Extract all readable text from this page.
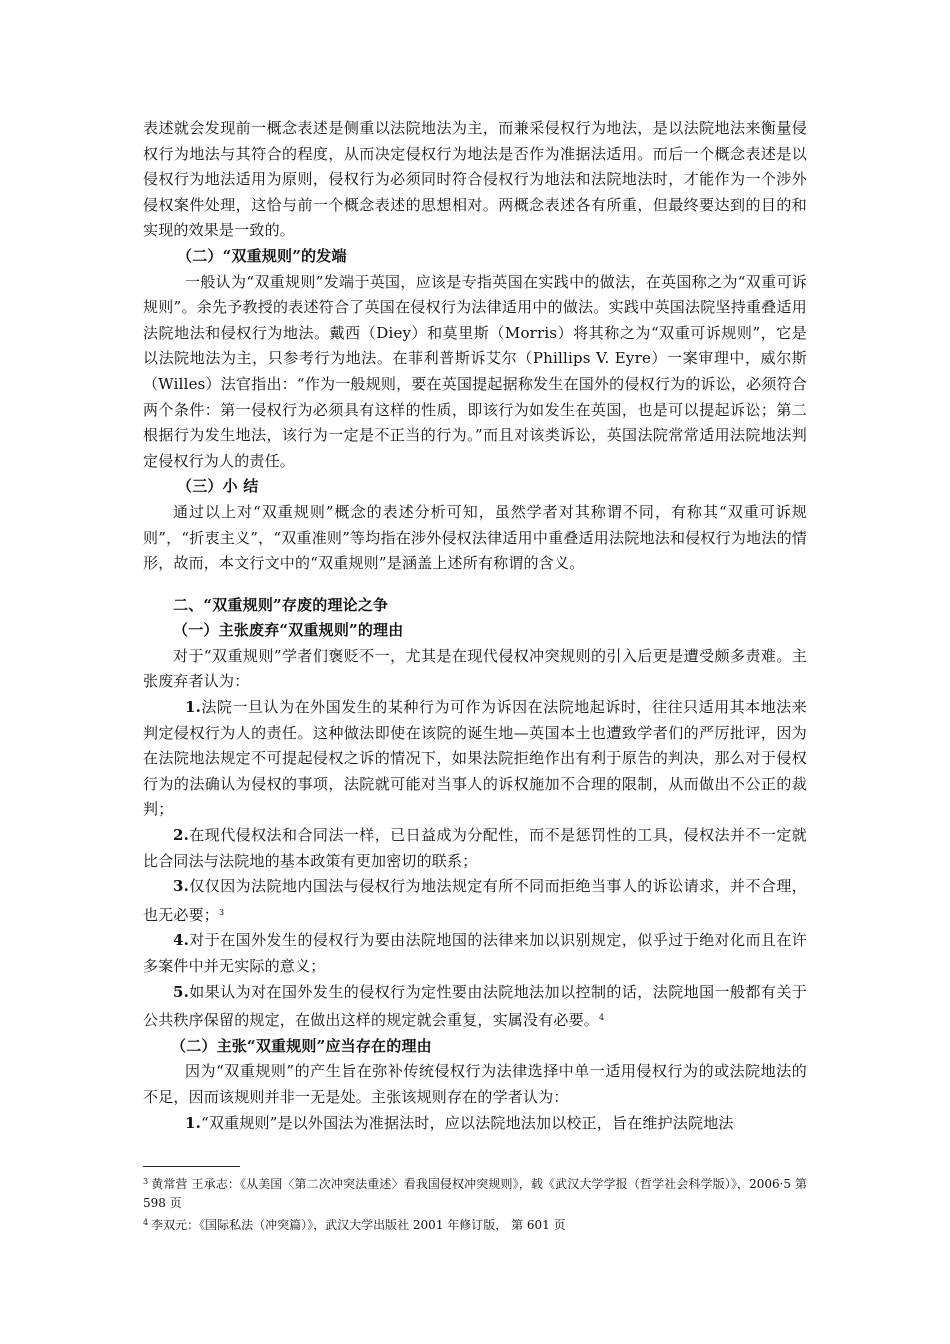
表述就会发现前一概念表述是侧重以法院地法为主，而兼采侵权行为地法，是以法院地法来衡量侵权行为地法与其符合的程度，从而决定侵权行为地法是否作为准据法适用。而后一个概念表述是以侵权行为地法适用为原则，侵权行为必须同时符合侵权行为地法和法院地法时，才能作为一个涉外侵权案件处理，这恰与前一个概念表述的思想相对。两概念表述各有所重，但最终要达到的目的和实现的效果是一致的。

（二）“双重规则”的发端

一般认为“双重规则”发端于英国，应该是专指英国在实践中的做法，在英国称之为“双重可诉规则”。余先予教授的表述符合了英国在侵权行为法律适用中的做法。实践中英国法院坚持重叠适用法院地法和侵权行为地法。戴西（Diey）和莫里斯（Morris）将其称之为“双重可诉规则”，它是以法院地法为主，只参考行为地法。在菲利普斯诉艾尔（Phillips V. Eyre）一案审理中，威尔斯（Willes）法官指出：“作为一般规则，要在英国提起据称发生在国外的侵权行为的诉讼，必须符合两个条件：第一侵权行为必须具有这样的性质，即该行为如发生在英国，也是可以提起诉讼；第二根据行为发生地法，该行为一定是不正当的行为。”而且对该类诉讼，英国法院常常适用法院地法判定侵权行为人的责任。

（三）小 结

通过以上对“双重规则”概念的表述分析可知，虽然学者对其称谓不同，有称其“双重可诉规则”，“折衷主义”，“双重准则”等均指在涉外侵权法律适用中重叠适用法院地法和侵权行为地法的情形，故而，本文行文中的“双重规则”是涵盖上述所有称谓的含义。

二、“双重规则”存废的理论之争

（一）主张废弃“双重规则”的理由

对于“双重规则”学者们褒贬不一，尤其是在现代侵权冲突规则的引入后更是遭受颇多责难。主张废弃者认为：

1.法院一旦认为在外国发生的某种行为可作为诉因在法院地起诉时，往往只适用其本地法来判定侵权行为人的责任。这种做法即使在该院的诞生地—英国本土也遭致学者们的严厉批评，因为在法院地法规定不可提起侵权之诉的情况下，如果法院拒绝作出有利于原告的判决，那么对于侵权行为的法确认为侵权的事项，法院就可能对当事人的诉权施加不合理的限制，从而做出不公正的裁判；

2.在现代侵权法和合同法一样，已日益成为分配性，而不是惩罚性的工具，侵权法并不一定就比合同法与法院地的基本政策有更加密切的联系；

3.仅仅因为法院地内国法与侵权行为地法规定有所不同而拒绝当事人的诉讼请求，并不合理，也无必要；$^3$

4.对于在国外发生的侵权行为要由法院地国的法律来加以识别规定，似乎过于绝对化而且在许多案件中并无实际的意义；

5.如果认为对在国外发生的侵权行为定性要由法院地法加以控制的话，法院地国一般都有关于公共秩序保留的规定，在做出这样的规定就会重复，实属没有必要。$^4$

（二）主张“双重规则”应当存在的理由

因为“双重规则”的产生旨在弥补传统侵权行为法律选择中单一适用侵权行为的或法院地法的不足，因而该规则并非一无是处。主张该规则存在的学者认为：

1.“双重规则”是以外国法为准据法时，应以法院地法加以校正，旨在维护法院地法

$^3$ 黄常营 王承志：《从美国〈第二次冲突法重述〉看我国侵权冲突规则》，载《武汉大学学报（哲学社会科学版）》，2006·5 第 598 页

$^4$ 李双元：《国际私法（冲突篇）》，武汉大学出版社 2001 年修订版， 第 601 页
